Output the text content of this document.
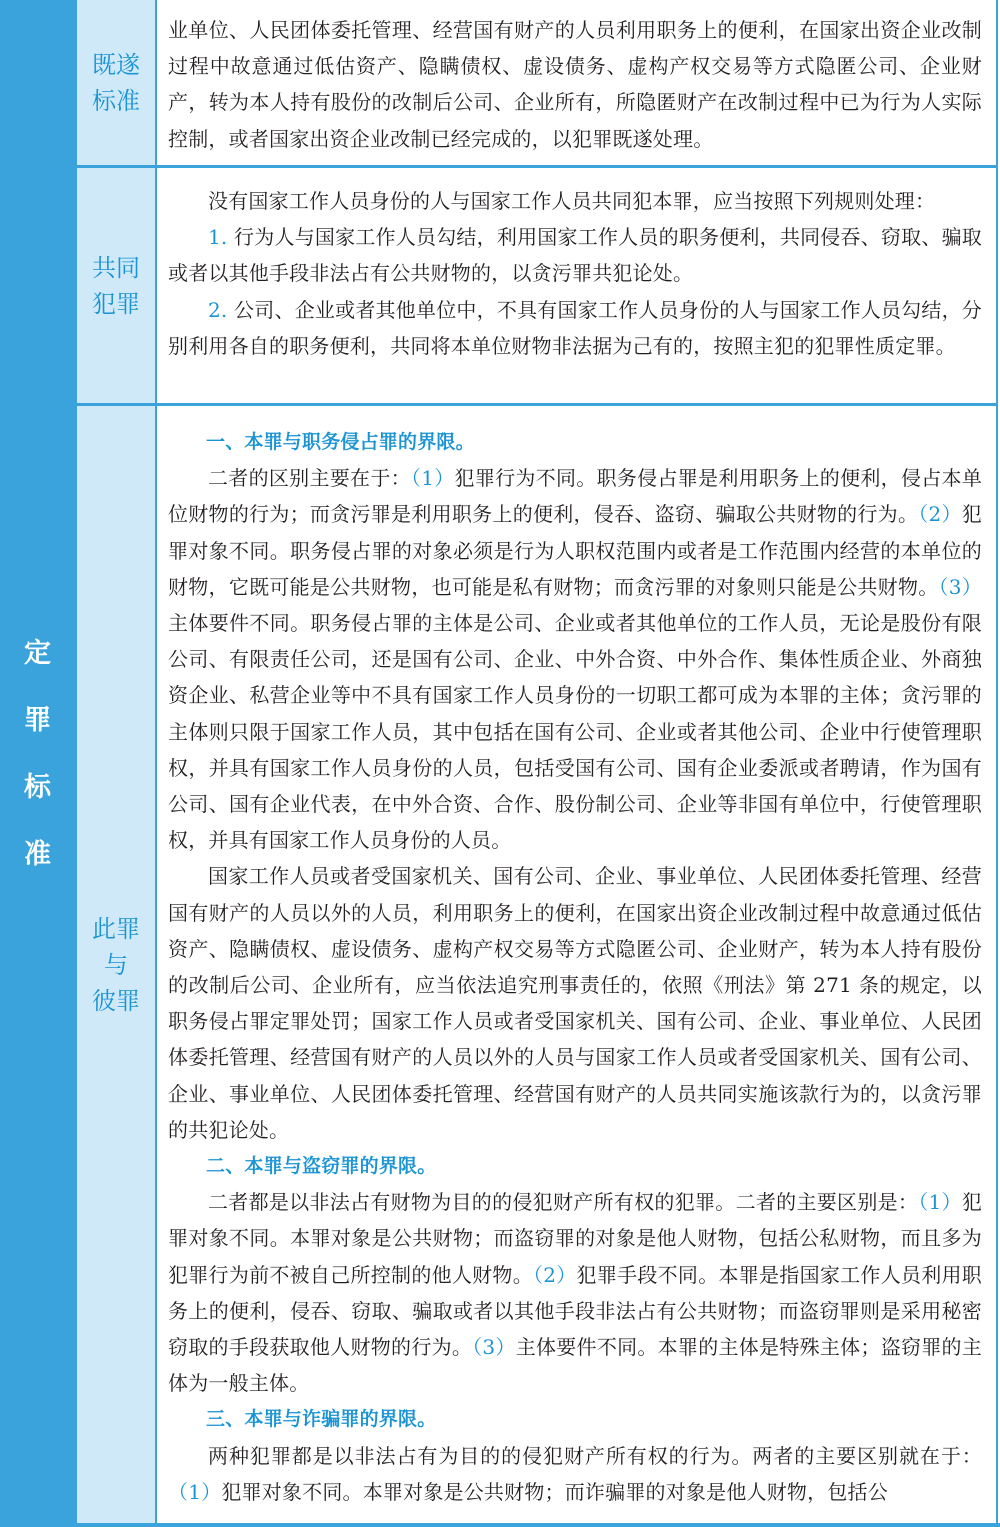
定
罪
标
准
既遂
标准

业单位、人民团体委托管理、经营国有财产的人员利用职务上的便利，在国家出资企业改制过程中故意通过低估资产、隐瞒债权、虚设债务、虚构产权交易等方式隐匿公司、企业财产，转为本人持有股份的改制后公司、企业所有，所隐匿财产在改制过程中已为行为人实际控制，或者国家出资企业改制已经完成的，以犯罪既遂处理。

共同
犯罪

没有国家工作人员身份的人与国家工作人员共同犯本罪，应当按照下列规则处理：

1. 行为人与国家工作人员勾结，利用国家工作人员的职务便利，共同侵吞、窃取、骗取或者以其他手段非法占有公共财物的，以贪污罪共犯论处。

2. 公司、企业或者其他单位中，不具有国家工作人员身份的人与国家工作人员勾结，分别利用各自的职务便利，共同将本单位财物非法据为己有的，按照主犯的犯罪性质定罪。

此罪
与
彼罪

一、本罪与职务侵占罪的界限。

二者的区别主要在于：（1）犯罪行为不同。职务侵占罪是利用职务上的便利，侵占本单位财物的行为；而贪污罪是利用职务上的便利，侵吞、盗窃、骗取公共财物的行为。（2）犯罪对象不同。职务侵占罪的对象必须是行为人职权范围内或者是工作范围内经营的本单位的财物，它既可能是公共财物，也可能是私有财物；而贪污罪的对象则只能是公共财物。（3）主体要件不同。职务侵占罪的主体是公司、企业或者其他单位的工作人员，无论是股份有限公司、有限责任公司，还是国有公司、企业、中外合资、中外合作、集体性质企业、外商独资企业、私营企业等中不具有国家工作人员身份的一切职工都可成为本罪的主体；贪污罪的主体则只限于国家工作人员，其中包括在国有公司、企业或者其他公司、企业中行使管理职权，并具有国家工作人员身份的人员，包括受国有公司、国有企业委派或者聘请，作为国有公司、国有企业代表，在中外合资、合作、股份制公司、企业等非国有单位中，行使管理职权，并具有国家工作人员身份的人员。

国家工作人员或者受国家机关、国有公司、企业、事业单位、人民团体委托管理、经营国有财产的人员以外的人员，利用职务上的便利，在国家出资企业改制过程中故意通过低估资产、隐瞒债权、虚设债务、虚构产权交易等方式隐匿公司、企业财产，转为本人持有股份的改制后公司、企业所有，应当依法追究刑事责任的，依照《刑法》第 271 条的规定，以职务侵占罪定罪处罚；国家工作人员或者受国家机关、国有公司、企业、事业单位、人民团体委托管理、经营国有财产的人员以外的人员与国家工作人员或者受国家机关、国有公司、企业、事业单位、人民团体委托管理、经营国有财产的人员共同实施该款行为的，以贪污罪的共犯论处。

二、本罪与盗窃罪的界限。

二者都是以非法占有财物为目的的侵犯财产所有权的犯罪。二者的主要区别是：（1）犯罪对象不同。本罪对象是公共财物；而盗窃罪的对象是他人财物，包括公私财物，而且多为犯罪行为前不被自己所控制的他人财物。（2）犯罪手段不同。本罪是指国家工作人员利用职务上的便利，侵吞、窃取、骗取或者以其他手段非法占有公共财物；而盗窃罪则是采用秘密窃取的手段获取他人财物的行为。（3）主体要件不同。本罪的主体是特殊主体；盗窃罪的主体为一般主体。

三、本罪与诈骗罪的界限。

两种犯罪都是以非法占有为目的的侵犯财产所有权的行为。两者的主要区别就在于：（1）犯罪对象不同。本罪对象是公共财物；而诈骗罪的对象是他人财物，包括公
